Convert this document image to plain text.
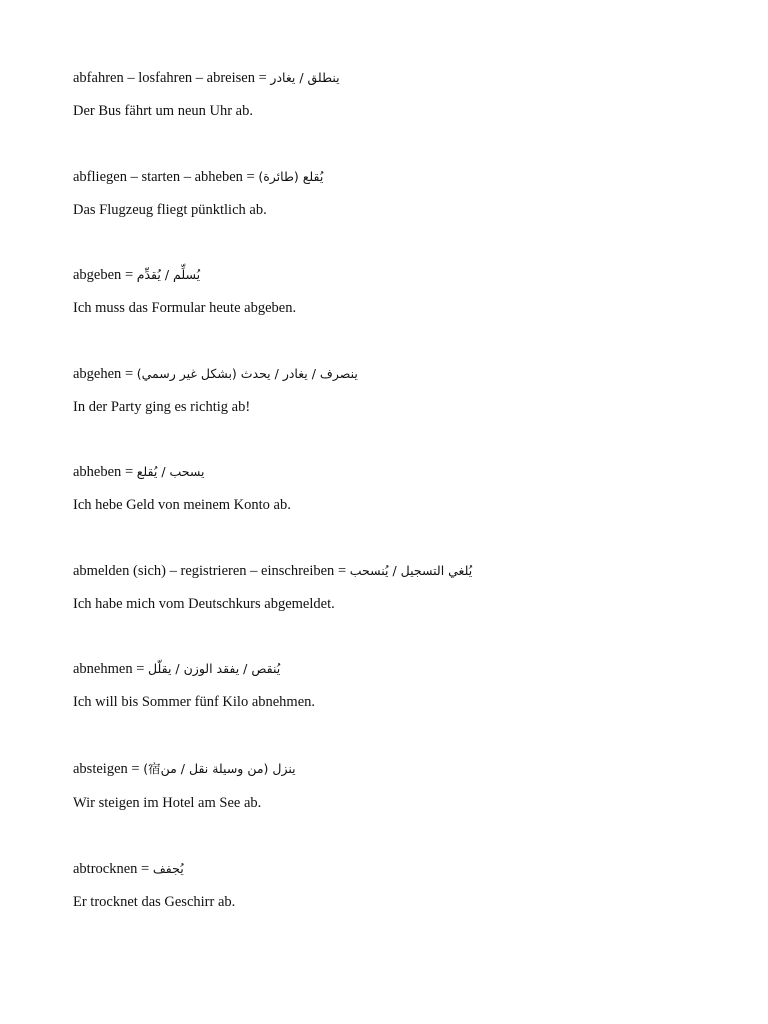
abfahren – losfahren – abreisen = ينطلق / يغادر
Der Bus fährt um neun Uhr ab.
abfliegen – starten – abheben = يُقلع (طائرة)
Das Flugzeug fliegt pünktlich ab.
abgeben = يُسلِّم / يُقدِّم
Ich muss das Formular heute abgeben.
abgehen = ينصرف / يغادر / يحدث (بشكل غير رسمي)
In der Party ging es richtig ab!
abheben = يسحب / يُقلع
Ich hebe Geld von meinem Konto ab.
abmelden (sich) – registrieren – einschreiben = يُلغي التسجيل / يُنسحب
Ich habe mich vom Deutschkurs abgemeldet.
abnehmen = يُنقص / يفقد الوزن / يقلّل
Ich will bis Sommer fünf Kilo abnehmen.
absteigen = ينزل (من وسيلة نقل / من宿)
Wir steigen im Hotel am See ab.
abtrocknen = يُجفف
Er trocknet das Geschirr ab.
